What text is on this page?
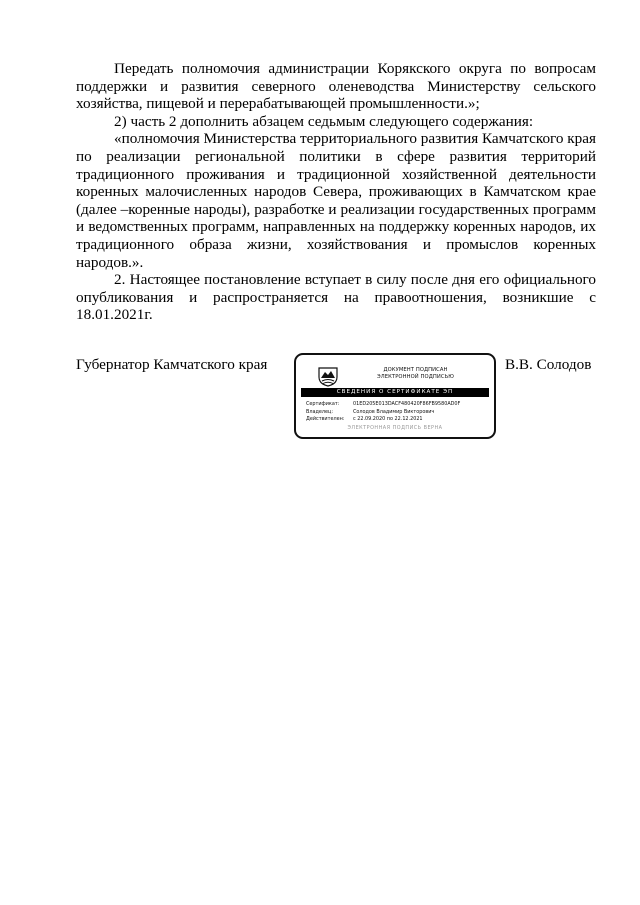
Передать полномочия администрации Корякского округа по вопросам поддержки и развития северного оленеводства Министерству сельского хозяйства, пищевой и перерабатывающей промышленности.»;

2) часть 2 дополнить абзацем седьмым следующего содержания:

«полномочия Министерства территориального развития Камчатского края по реализации региональной политики в сфере развития территорий традиционного проживания и традиционной хозяйственной деятельности коренных малочисленных народов Севера, проживающих в Камчатском крае (далее –коренные народы), разработке и реализации государственных программ и ведомственных программ, направленных на поддержку коренных народов, их традиционного образа жизни, хозяйствования и промыслов коренных народов.».

2. Настоящее постановление вступает в силу после дня его официального опубликования и распространяется на правоотношения, возникшие с 18.01.2021г.

Губернатор Камчатского края	ДОКУМЕНТ ПОДПИСАН
ЭЛЕКТРОННОЙ ПОДПИСЬЮ
СВЕДЕНИЯ О СЕРТИФИКАТЕ ЭП
Сертификат:	01ED205E013DACF480420F86FB9580AD0F
Владелец:	Солодов Владимир Викторович
Действителен:	с 22.09.2020 по 22.12.2021
ЭЛЕКТРОННАЯ ПОДПИСЬ ВЕРНА
В.В. Солодов
